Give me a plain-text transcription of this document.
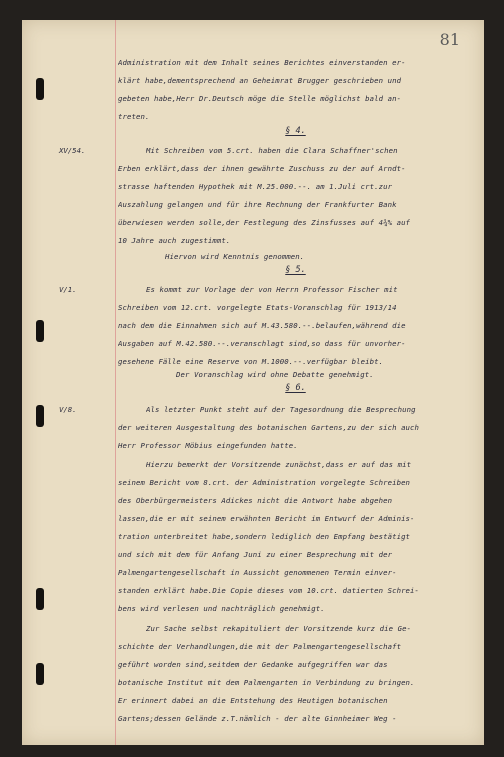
81
XV/54.
V/1.
V/8.
§ 4.
§ 5.
§ 6.
Administration mit dem Inhalt seines Berichtes einverstanden er-
klärt habe,dementsprechend an Geheimrat Brugger geschrieben und
gebeten habe,Herr Dr.Deutsch möge die Stelle möglichst bald an-
treten.
Mit Schreiben vom 5.crt. haben die Clara Schaffner'schen
Erben erklärt,dass der ihnen gewährte Zuschuss zu der auf Arndt-
strasse haftenden Hypothek mit M.25.000.--. am 1.Juli crt.zur
Auszahlung gelangen und für ihre Rechnung der Frankfurter Bank
überwiesen werden solle,der Festlegung des Zinsfusses auf 4¾% auf
10 Jahre auch zugestimmt.
Hiervon wird Kenntnis genommen.
Es kommt zur Vorlage der von Herrn Professor Fischer mit
Schreiben vom 12.crt. vorgelegte Etats-Voranschlag für 1913/14
nach dem die Einnahmen sich auf M.43.580.--.belaufen,während die
Ausgaben auf M.42.580.--.veranschlagt sind,so dass für unvorher-
gesehene Fälle eine Reserve von M.1000.--.verfügbar bleibt.
Der Voranschlag wird ohne Debatte genehmigt.
Als letzter Punkt steht auf der Tagesordnung die Besprechung
der weiteren Ausgestaltung des botanischen Gartens,zu der sich auch
Herr Professor Möbius eingefunden hatte.
Hierzu bemerkt der Vorsitzende zunächst,dass er auf das mit
seinem Bericht vom 8.crt. der Administration vorgelegte Schreiben
des Oberbürgermeisters Adickes nicht die Antwort habe abgehen
lassen,die er mit seinem erwähnten Bericht im Entwurf der Adminis-
tration unterbreitet habe,sondern lediglich den Empfang bestätigt
und sich mit dem für Anfang Juni zu einer Besprechung mit der
Palmengartengesellschaft in Aussicht genommenen Termin einver-
standen erklärt habe.Die Copie dieses vom 10.crt. datierten Schrei-
bens wird verlesen und nachträglich genehmigt.
Zur Sache selbst rekapituliert der Vorsitzende kurz die Ge-
schichte der Verhandlungen,die mit der Palmengartengesellschaft
geführt worden sind,seitdem der Gedanke aufgegriffen war das
botanische Institut mit dem Palmengarten in Verbindung zu bringen.
Er erinnert dabei an die Entstehung des Heutigen botanischen
Gartens;dessen Gelände z.T.nämlich - der alte Ginnheimer Weg -
